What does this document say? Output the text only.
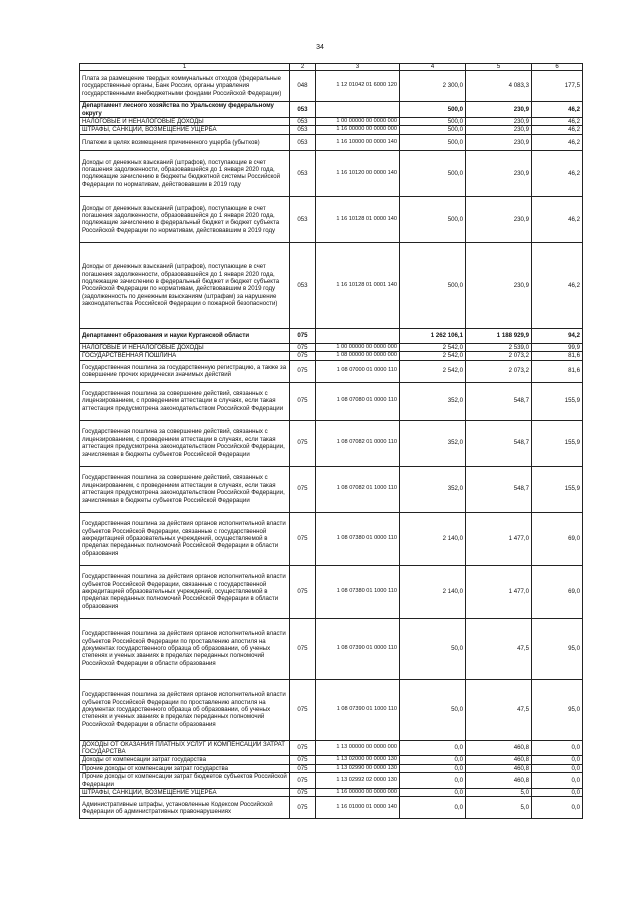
34
1	2	3	4	5	6
Плата за размещение твердых коммунальных отходов (федеральные государственные органы, Банк России, органы управления государственными внебюджетными фондами Российской Федерации)	048	1 12 01042 01 6000 120	2 300,0	4 083,3	177,5
Департамент лесного хозяйства по Уральскому федеральному округу	053		500,0	230,9	46,2
НАЛОГОВЫЕ И НЕНАЛОГОВЫЕ ДОХОДЫ	053	1 00 00000 00 0000 000	500,0	230,9	46,2
ШТРАФЫ, САНКЦИИ, ВОЗМЕЩЕНИЕ УЩЕРБА	053	1 16 00000 00 0000 000	500,0	230,9	46,2
Платежи в целях возмещения причиненного ущерба (убытков)	053	1 16 10000 00 0000 140	500,0	230,9	46,2
Доходы от денежных взысканий (штрафов), поступающие в счет погашения задолженности, образовавшейся до 1 января 2020 года, подлежащие зачислению в бюджеты бюджетной системы Российской Федерации по нормативам, действовавшим в 2019 году	053	1 16 10120 00 0000 140	500,0	230,9	46,2
Доходы от денежных взысканий (штрафов), поступающие в счет погашения задолженности, образовавшейся до 1 января 2020 года, подлежащие зачислению в федеральный бюджет и бюджет субъекта Российской Федерации по нормативам, действовавшим в 2019 году	053	1 16 10128 01 0000 140	500,0	230,9	46,2
Доходы от денежных взысканий (штрафов), поступающие в счет погашения задолженности, образовавшейся до 1 января 2020 года, подлежащие зачислению в федеральный бюджет и бюджет субъекта Российской Федерации по нормативам, действовавшим в 2019 году (задолженность по денежным взысканиям (штрафам) за нарушение законодательства Российской Федерации о пожарной безопасности)	053	1 16 10128 01 0001 140	500,0	230,9	46,2
Департамент образования и науки Курганской области	075		1 262 106,1	1 188 929,9	94,2
НАЛОГОВЫЕ И НЕНАЛОГОВЫЕ ДОХОДЫ	075	1 00 00000 00 0000 000	2 542,0	2 539,0	99,9
ГОСУДАРСТВЕННАЯ ПОШЛИНА	075	1 08 00000 00 0000 000	2 542,0	2 073,2	81,6
Государственная пошлина за государственную регистрацию, а также за совершение прочих юридически значимых действий	075	1 08 07000 01 0000 110	2 542,0	2 073,2	81,6
Государственная пошлина за совершение действий, связанных с лицензированием, с проведением аттестации в случаях, если такая аттестация предусмотрена законодательством Российской Федерации	075	1 08 07080 01 0000 110	352,0	548,7	155,9
Государственная пошлина за совершение действий, связанных с лицензированием, с проведением аттестации в случаях, если такая аттестация предусмотрена законодательством Российской Федерации, зачисляемая в бюджеты субъектов Российской Федерации	075	1 08 07082 01 0000 110	352,0	548,7	155,9
Государственная пошлина за совершение действий, связанных с лицензированием, с проведением аттестации в случаях, если такая аттестация предусмотрена законодательством Российской Федерации, зачисляемая в бюджеты субъектов Российской Федерации	075	1 08 07082 01 1000 110	352,0	548,7	155,9
Государственная пошлина за действия органов исполнительной власти субъектов Российской Федерации, связанные с государственной аккредитацией образовательных учреждений, осуществляемой в пределах переданных полномочий Российской Федерации в области образования	075	1 08 07380 01 0000 110	2 140,0	1 477,0	69,0
Государственная пошлина за действия органов исполнительной власти субъектов Российской Федерации, связанные с государственной аккредитацией образовательных учреждений, осуществляемой в пределах переданных полномочий Российской Федерации в области образования	075	1 08 07380 01 1000 110	2 140,0	1 477,0	69,0
Государственная пошлина за действия органов исполнительной власти субъектов Российской Федерации по проставлению апостиля на документах государственного образца об образовании, об ученых степенях и ученых званиях в пределах переданных полномочий Российской Федерации в области образования	075	1 08 07390 01 0000 110	50,0	47,5	95,0
Государственная пошлина за действия органов исполнительной власти субъектов Российской Федерации по проставлению апостиля на документах государственного образца об образовании, об ученых степенях и ученых званиях в пределах переданных полномочий Российской Федерации в области образования	075	1 08 07390 01 1000 110	50,0	47,5	95,0
ДОХОДЫ ОТ ОКАЗАНИЯ ПЛАТНЫХ УСЛУГ И КОМПЕНСАЦИИ ЗАТРАТ ГОСУДАРСТВА	075	1 13 00000 00 0000 000	0,0	460,8	0,0
Доходы от компенсации затрат государства	075	1 13 02000 00 0000 130	0,0	460,8	0,0
Прочие доходы от компенсации затрат государства	075	1 13 02990 00 0000 130	0,0	460,8	0,0
Прочие доходы от компенсации затрат бюджетов субъектов Российской Федерации	075	1 13 02992 02 0000 130	0,0	460,8	0,0
ШТРАФЫ, САНКЦИИ, ВОЗМЕЩЕНИЕ УЩЕРБА	075	1 16 00000 00 0000 000	0,0	5,0	0,0
Административные штрафы, установленные Кодексом Российской Федерации об административных правонарушениях	075	1 16 01000 01 0000 140	0,0	5,0	0,0
